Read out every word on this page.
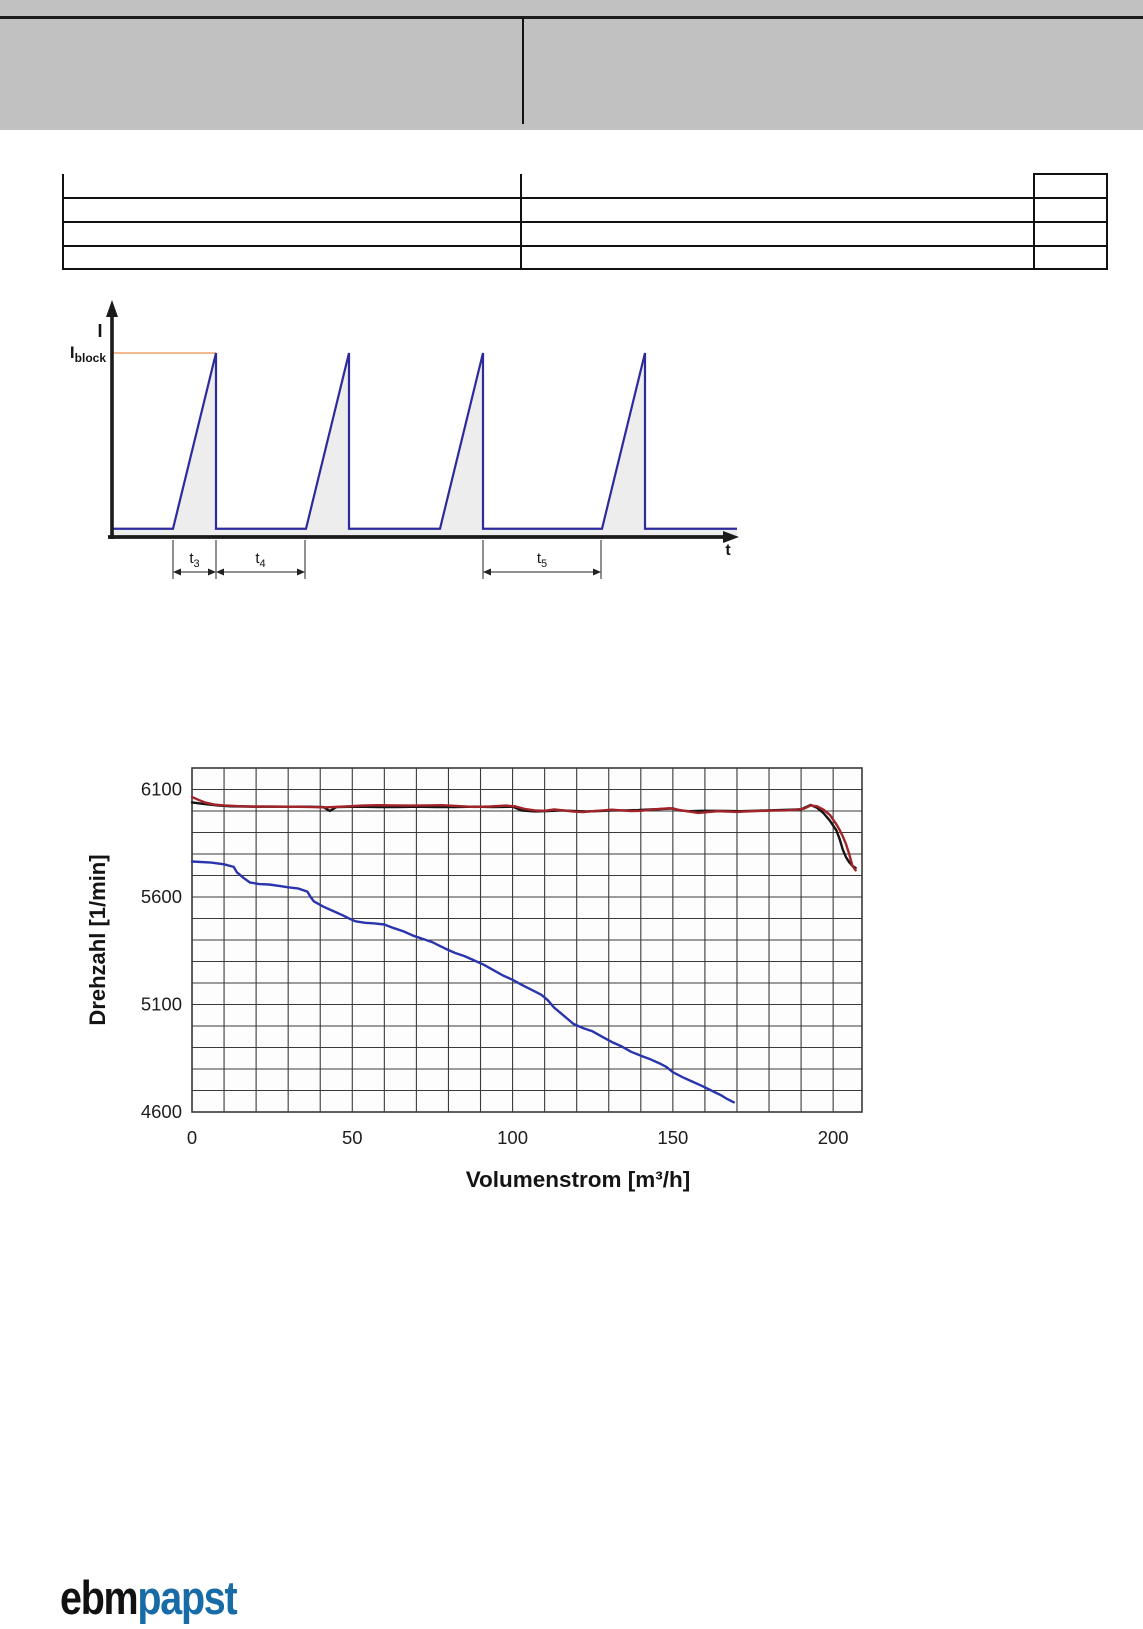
I
$I_{block}$
t
$t_3$	$t_4$	$t_5$
Drehzahl [1/min]
Volumenstrom [m³/h]
6100
5600
5100
4600
0	50	100	150	200
ebmpapst
